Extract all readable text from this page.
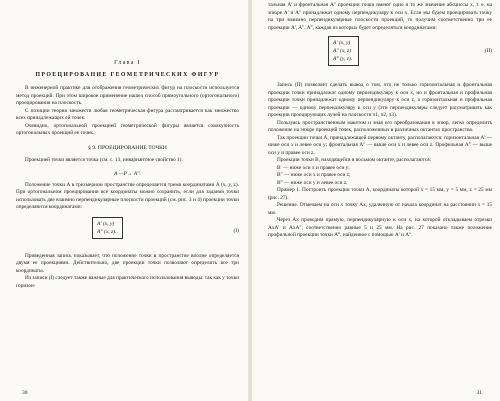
Глава I

ПРОЕЦИРОВАНИЕ ГЕОМЕТРИЧЕСКИХ ФИГУР

В инженерной практике для отображения геометрических фигур на плоскости используется метод проекций. При этом широкое применение нашел способ прямоугольного (ортогонального) проецирования на плоскость.

С позиции теории множеств любая геометрическая фигура рассматривается как множество всех принадлежащих ей точек.

Очевидно, ортогональной проекцией геометрической фигуры является совокупность ортогональных проекций ее точек.

§ 9. ПРОЕЦИРОВАНИЕ ТОЧКИ

Проекцией точки является точка (см. с. 13, инвариантное свойство 1).

A —P→ A′′.

Положение точки A в трехмерном пространстве определяется тремя координатами A (x, y, z). При ортогональном проецировании все координаты можно сохранить, если для задания точки использовать две взаимно перпендикулярные плоскости проекций (см. рис. 3 и 4) проекции точки определяются координатами:

A′ (x, y)
A″ (x, z).	(I)

Приведенная запись показывает, что положение точки в пространстве вполне определяется двумя ее проекциями. Действительно, две проекции точки позволяют определить все три координаты.

Из записи (I) следует также важные для практического использования выводы: так как у точки горизон-

30

тальная A′ и фронтальная A″ проекции точки имеют одно и то же значение абсциссы x, т. е. на эпюре A′ и A″ принадлежат одному перпендикуляру к оси x. Если мы будем проецировать точку на три взаимно перпендикулярные плоскости проекций, то получим соответственно три ее проекции A′, A″, A‴, каждая из которых будет определяться координатами:

A′ (x, y)
A″ (x, z)
A‴ (y, z).
(II)

Запись (II) позволяет сделать вывод о том, что не только горизонтальная и фронтальная проекции точки принадлежат одному перпендикуляру к оси x, но и фронтальная и профильная проекции точки принадлежат одному перпендикуляру к оси z, а горизонтальная и профильная проекции — одному перпендикуляру к оси y (эти перпендикуляры следует рассматривать как проекции проецирующих лучей на плоскости π1, π2, π3).

Пользуясь пространственным макетом и зная его преобразования в эпюр, легко определить положение на эпюре проекций точек, расположенных в различных октантах пространства.

Так проекции точки A, принадлежащей первому октанту, располагаются: горизонтальная A′ — ниже оси x и левее оси y; фронтальная A″ — выше оси x и левее оси z. Профильная A‴ — выше оси y и правее оси z.

Проекции точки B, находящейся в восьмом октанте, располагаются:

B′ — ниже оси x и правее оси y;

B″ — ниже оси x и правее оси z;

B‴ — ниже оси y и левее оси z.

Пример 1. Построить проекции точки A, координаты которой x = 15 мм, y = 5 мм, z = 25 мм (рис. 27).

Решение. Отмечаем на оси x точку Ax, удаленную от начала координат на расстоянии x = 15 мм.

Через Ax проводим прямую, перпендикулярную к оси x, на которой откладываем отрезки AxA′ и AxA″, соответственно равные 5 и 25 мм. На рис. 27 показано также положение профильной проекции точки A‴, найденное с помощью A′ и A″.

31
